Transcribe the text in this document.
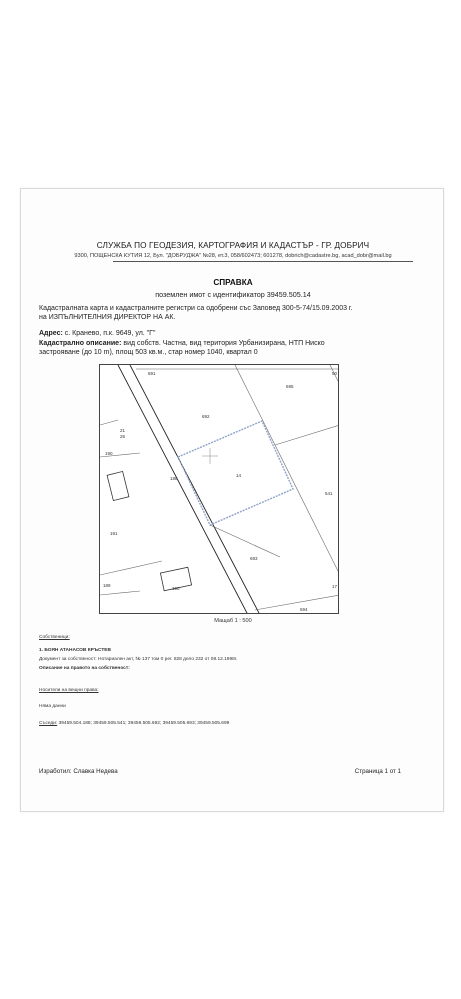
СЛУЖБА ПО ГЕОДЕЗИЯ, КАРТОГРАФИЯ И КАДАСТЪР - ГР. ДОБРИЧ
9300, ПОЩЕНСКА КУТИЯ 12, Бул. "ДОБРУДЖА" №28, ет.3, 058/602473; 601278, dobrich@cadastre.bg, acad_dobr@mail.bg
СПРАВКА
поземлен имот с идентификатор 39459.505.14
Кадастралната карта и кадастралните регистри са одобрени със Заповед 300-5-74/15.09.2003 г.
на ИЗПЪЛНИТЕЛНИЯ ДИРЕКТОР НА АК.
Адрес: с. Кранево, п.к. 9649, ул. "Г"
Кадастрално описание: вид собств. Частна, вид територия Урбанизирана, НТП Ниско
застрояване (до 10 m), площ 503 кв.м., стар номер 1040, квартал 0
691
695
50
692
21
26
190
14
541
188
191
693
17
694
189
190
Мащаб 1 : 500
Собственици:
1. БОЯН АТАНАСОВ КРЪСТЕВ
Документ за собственост: Нотариален акт, № 137 том 0 рег. 828 дело 232 от 08.12.1998г.
Описание на правото на собственост:
Носители на вещни права:
Няма данни
Съседи: 39459.504.188; 39459.505.541; 39459.505.692; 39459.505.693; 39459.505.699
Изработил: Славка Недева	Страница 1 от 1
